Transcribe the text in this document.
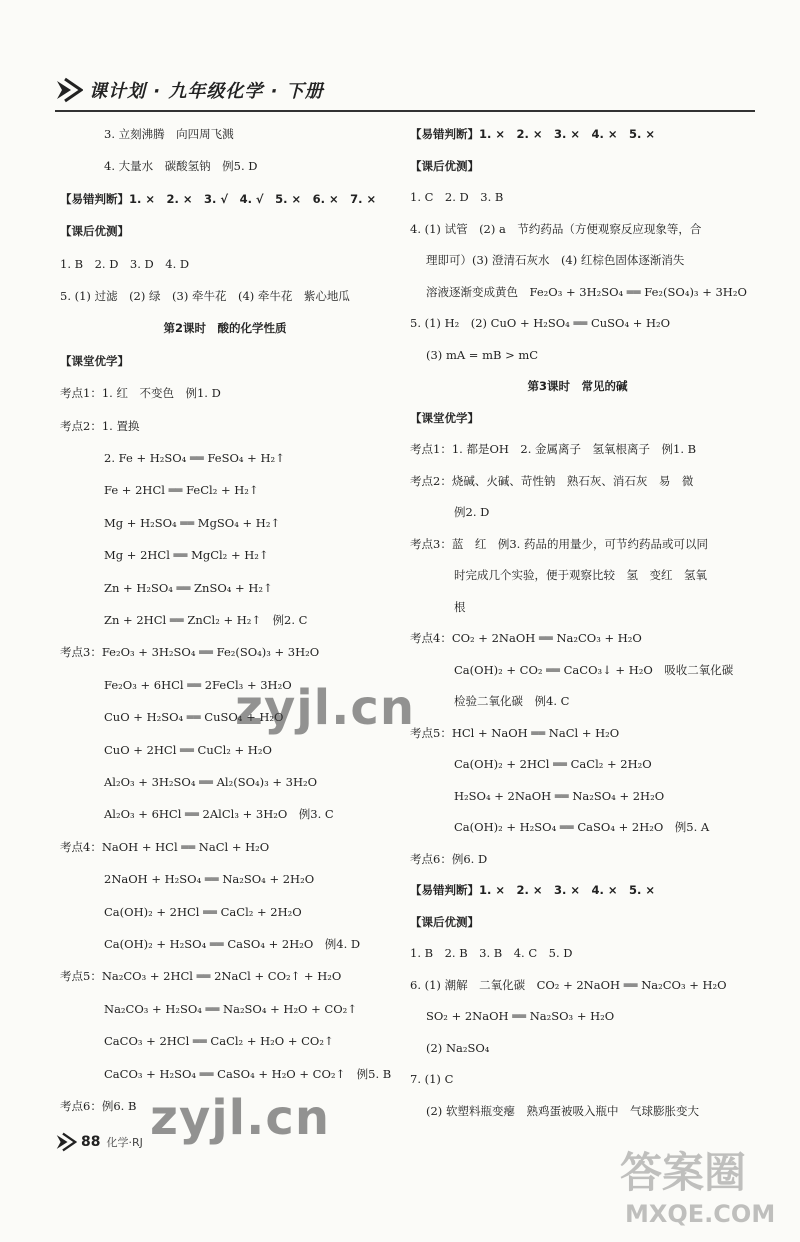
课计划 · 九年级化学 · 下册
3. 立刻沸腾　向四周飞溅
4. 大量水　碳酸氢钠　例5. D
【易错判断】1. ×　2. ×　3. √　4. √　5. ×　6. ×　7. ×
【课后优测】
1. B　2. D　3. D　4. D
5. (1) 过滤　(2) 绿　(3) 牵牛花　(4) 牵牛花　紫心地瓜
第2课时　酸的化学性质
【课堂优学】
考点1：1. 红　不变色　例1. D
考点2：1. 置换
2. Fe + H₂SO₄ ══ FeSO₄ + H₂↑
Fe + 2HCl ══ FeCl₂ + H₂↑
Mg + H₂SO₄ ══ MgSO₄ + H₂↑
Mg + 2HCl ══ MgCl₂ + H₂↑
Zn + H₂SO₄ ══ ZnSO₄ + H₂↑
Zn + 2HCl ══ ZnCl₂ + H₂↑　例2. C
考点3：Fe₂O₃ + 3H₂SO₄ ══ Fe₂(SO₄)₃ + 3H₂O
Fe₂O₃ + 6HCl ══ 2FeCl₃ + 3H₂O
CuO + H₂SO₄ ══ CuSO₄ + H₂O
CuO + 2HCl ══ CuCl₂ + H₂O
Al₂O₃ + 3H₂SO₄ ══ Al₂(SO₄)₃ + 3H₂O
Al₂O₃ + 6HCl ══ 2AlCl₃ + 3H₂O　例3. C
考点4：NaOH + HCl ══ NaCl + H₂O
2NaOH + H₂SO₄ ══ Na₂SO₄ + 2H₂O
Ca(OH)₂ + 2HCl ══ CaCl₂ + 2H₂O
Ca(OH)₂ + H₂SO₄ ══ CaSO₄ + 2H₂O　例4. D
考点5：Na₂CO₃ + 2HCl ══ 2NaCl + CO₂↑ + H₂O
Na₂CO₃ + H₂SO₄ ══ Na₂SO₄ + H₂O + CO₂↑
CaCO₃ + 2HCl ══ CaCl₂ + H₂O + CO₂↑
CaCO₃ + H₂SO₄ ══ CaSO₄ + H₂O + CO₂↑　例5. B
考点6：例6. B
【易错判断】1. ×　2. ×　3. ×　4. ×　5. ×
【课后优测】
1. C　2. D　3. B
4. (1) 试管　(2) a　节约药品（方便观察反应现象等，合
理即可）(3) 澄清石灰水　(4) 红棕色固体逐渐消失
溶液逐渐变成黄色　Fe₂O₃ + 3H₂SO₄ ══ Fe₂(SO₄)₃ + 3H₂O
5. (1) H₂　(2) CuO + H₂SO₄ ══ CuSO₄ + H₂O
(3) mA = mB > mC
第3课时　常见的碱
【课堂优学】
考点1：1. 都是OH　2. 金属离子　氢氧根离子　例1. B
考点2：烧碱、火碱、苛性钠　熟石灰、消石灰　易　微
例2. D
考点3：蓝　红　例3. 药品的用量少，可节约药品或可以同
时完成几个实验，便于观察比较　氢　变红　氢氧
根
考点4：CO₂ + 2NaOH ══ Na₂CO₃ + H₂O
Ca(OH)₂ + CO₂ ══ CaCO₃↓ + H₂O　吸收二氧化碳
检验二氧化碳　例4. C
考点5：HCl + NaOH ══ NaCl + H₂O
Ca(OH)₂ + 2HCl ══ CaCl₂ + 2H₂O
H₂SO₄ + 2NaOH ══ Na₂SO₄ + 2H₂O
Ca(OH)₂ + H₂SO₄ ══ CaSO₄ + 2H₂O　例5. A
考点6：例6. D
【易错判断】1. ×　2. ×　3. ×　4. ×　5. ×
【课后优测】
1. B　2. B　3. B　4. C　5. D
6. (1) 潮解　二氧化碳　CO₂ + 2NaOH ══ Na₂CO₃ + H₂O
SO₂ + 2NaOH ══ Na₂SO₃ + H₂O
(2) Na₂SO₄
7. (1) C
(2) 软塑料瓶变瘪　熟鸡蛋被吸入瓶中　气球膨胀变大
88 化学·RJ
zyjl.cn
zyjl.cn
答案圈
MXQE.COM
